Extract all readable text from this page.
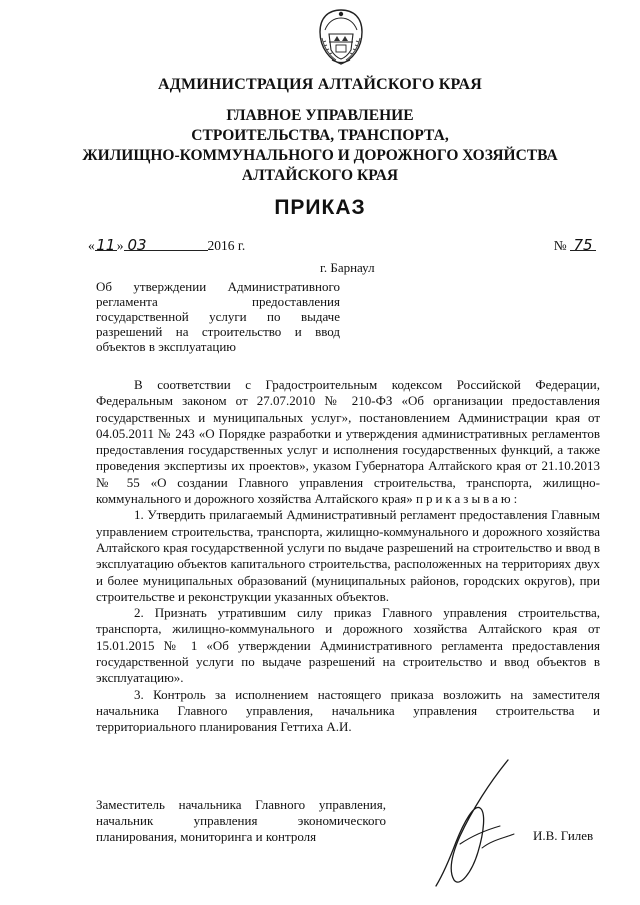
АДМИНИСТРАЦИЯ АЛТАЙСКОГО КРАЯ
ГЛАВНОЕ УПРАВЛЕНИЕ
СТРОИТЕЛЬСТВА, ТРАНСПОРТА,
ЖИЛИЩНО-КОММУНАЛЬНОГО И ДОРОЖНОГО ХОЗЯЙСТВА
АЛТАЙСКОГО КРАЯ
ПРИКАЗ
«11» 03	2016 г.	№ 75
г. Барнаул
Об утверждении Административного регламента предоставления государственной услуги по выдаче разрешений на строительство и ввод объектов в эксплуатацию

В соответствии с Градостроительным кодексом Российской Федерации, Федеральным законом от 27.07.2010 № 210-ФЗ «Об организации предоставления государственных и муниципальных услуг», постановлением Администрации края от 04.05.2011 № 243 «О Порядке разработки и утверждения административных регламентов предоставления государственных услуг и исполнения государственных функций, а также проведения экспертизы их проектов», указом Губернатора Алтайского края от 21.10.2013 № 55 «О создании Главного управления строительства, транспорта, жилищно-коммунального и дорожного хозяйства Алтайского края» приказываю:

1. Утвердить прилагаемый Административный регламент предоставления Главным управлением строительства, транспорта, жилищно-коммунального и дорожного хозяйства Алтайского края государственной услуги по выдаче разрешений на строительство и ввод в эксплуатацию объектов капитального строительства, расположенных на территориях двух и более муниципальных образований (муниципальных районов, городских округов), при строительстве и реконструкции указанных объектов.

2. Признать утратившим силу приказ Главного управления строительства, транспорта, жилищно-коммунального и дорожного хозяйства Алтайского края от 15.01.2015 № 1 «Об утверждении Административного регламента предоставления государственной услуги по выдаче разрешений на строительство и ввод объектов в эксплуатацию».

3. Контроль за исполнением настоящего приказа возложить на заместителя начальника Главного управления, начальника управления строительства и территориального планирования Геттиха А.И.

Заместитель начальника Главного управления, начальник управления экономического планирования, мониторинга и контроля	И.В. Гилев
